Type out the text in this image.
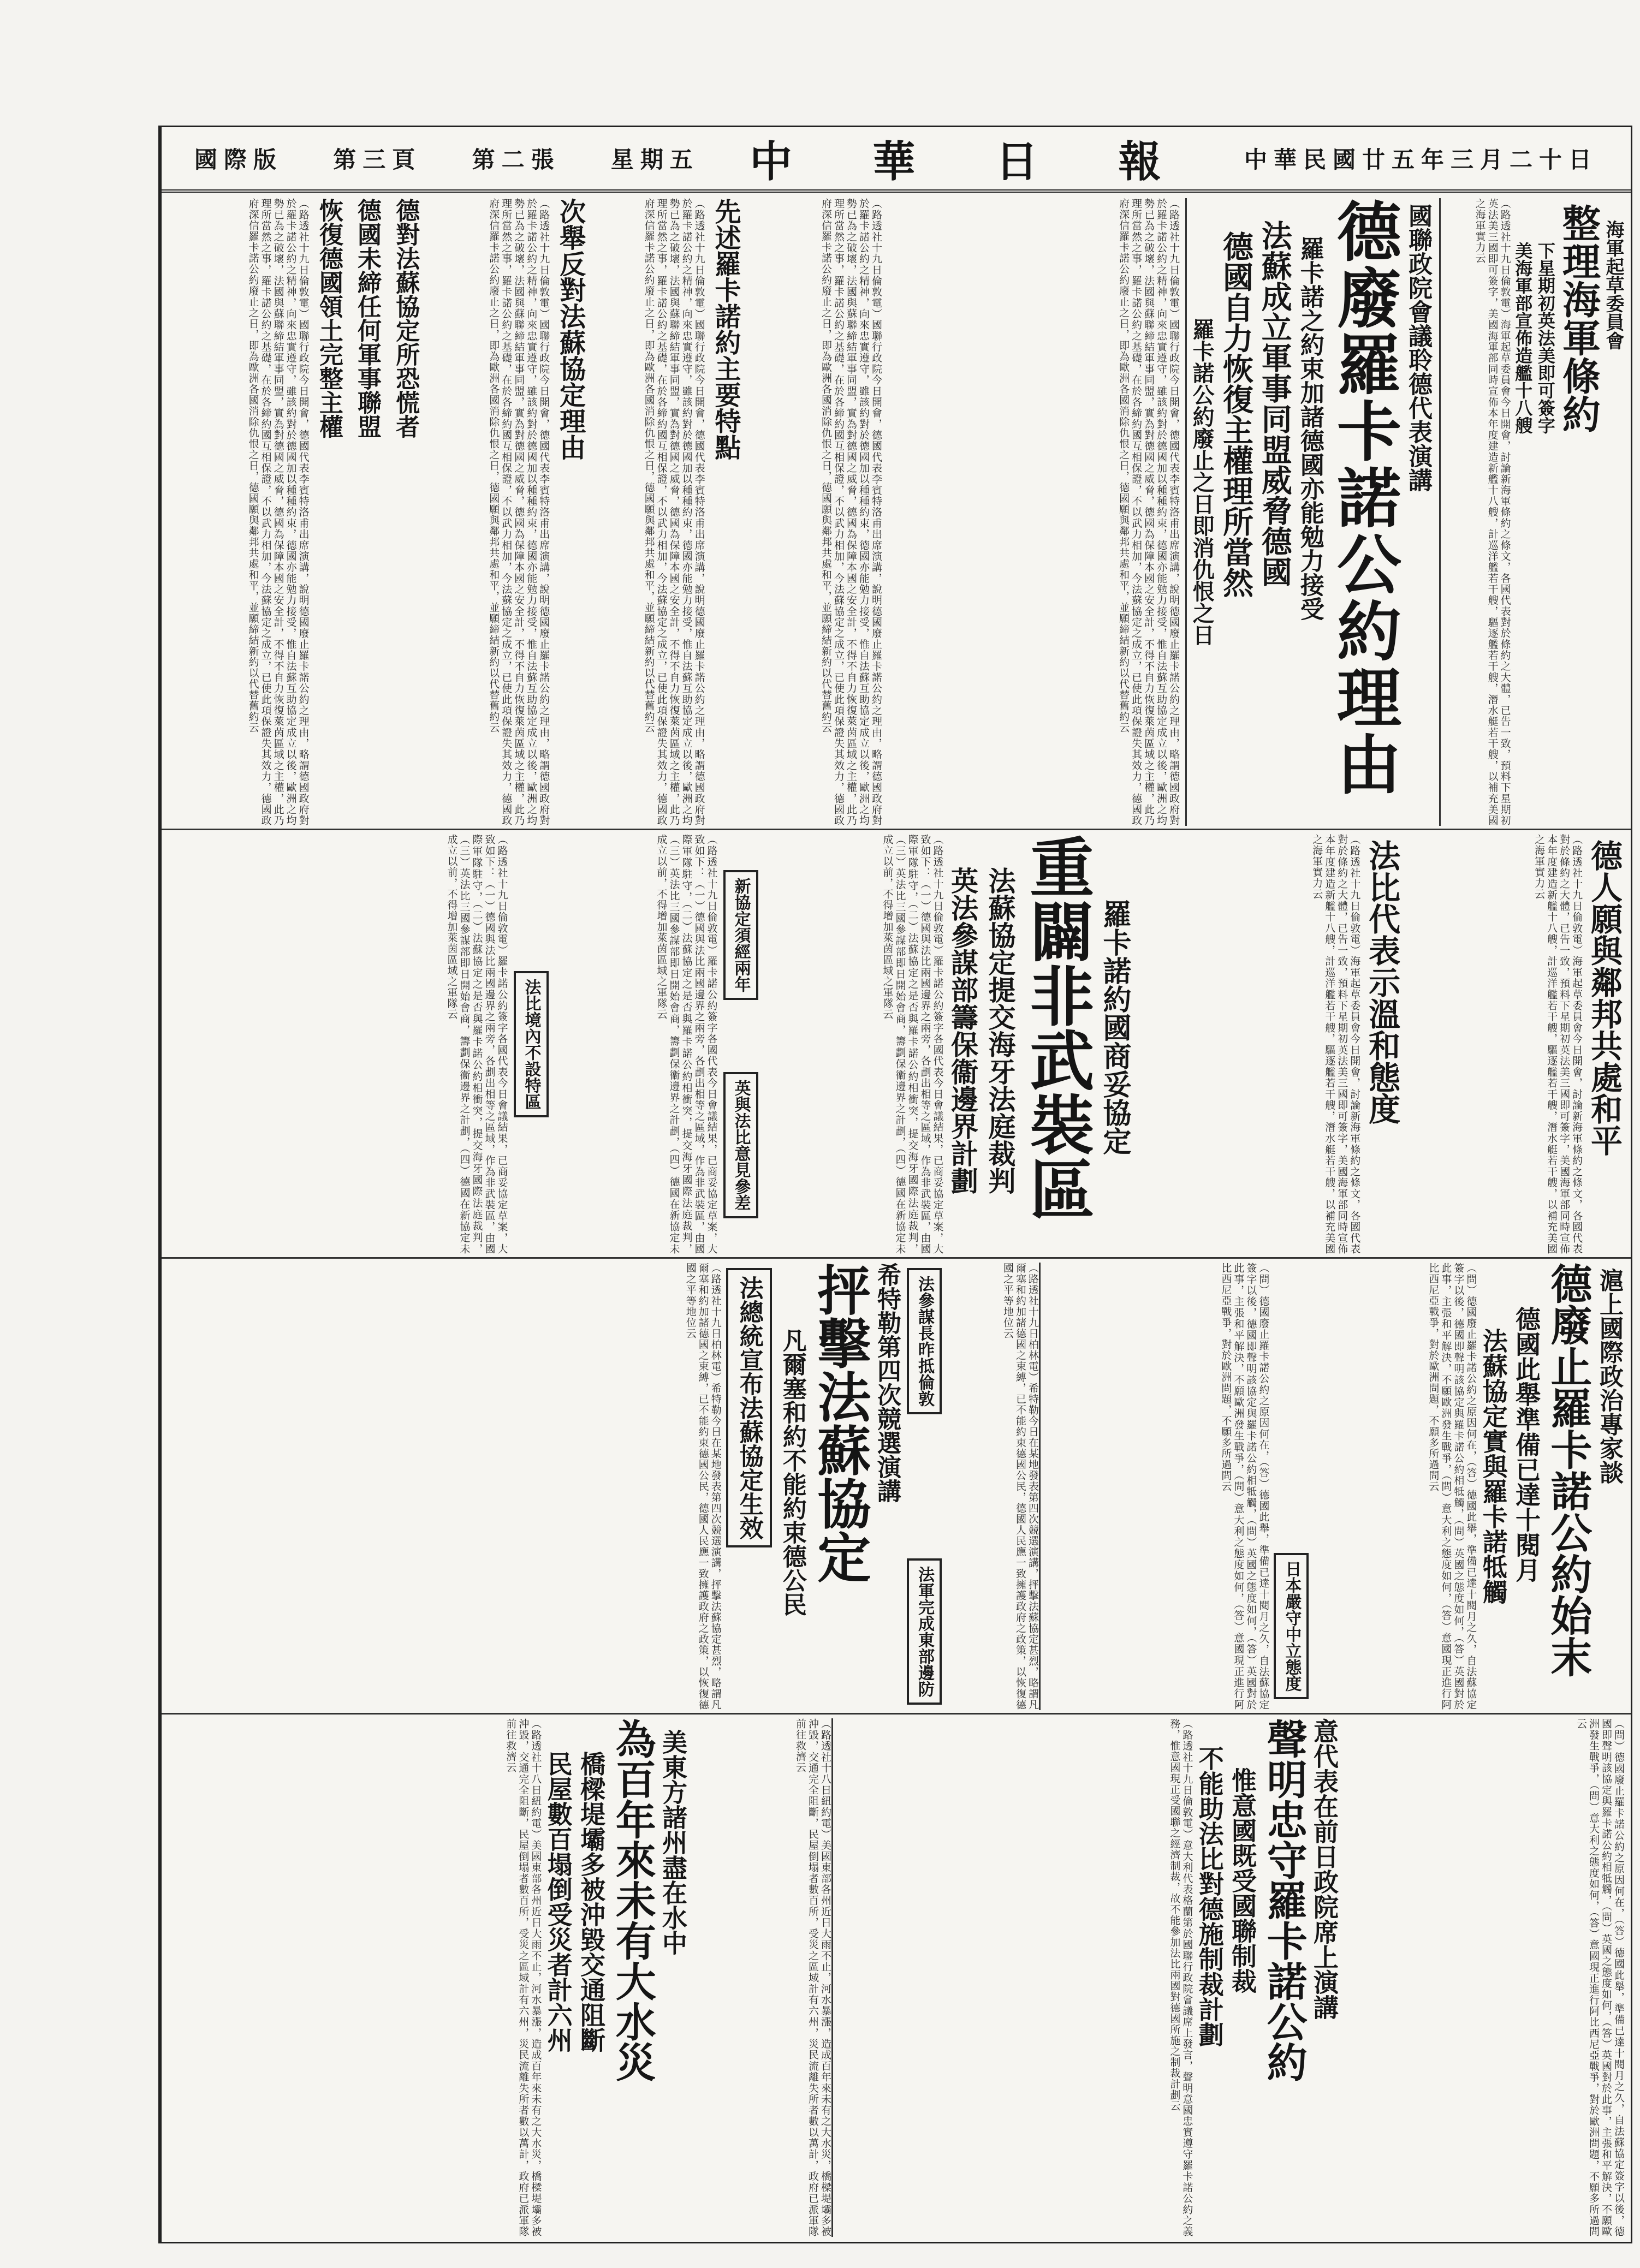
中華民國廿五年三月二十日
中 華 日 報
星期五
第二張
第三頁
國際版
國聯政院會議聆德代表演講
德廢羅卡諾公約理由
羅卡諾之約束加諸德國亦能勉力接受
法蘇成立軍事同盟威脅德國
德國自力恢復主權理所當然
羅卡諾公約廢止之日即消仇恨之日
（路透社十九日倫敦電）國聯行政院今日開會，德國代表李賓特洛甫出席演講，說明德國廢止羅卡諾公約之理由，略謂德國政府對於羅卡諾公約之精神，向來忠實遵守，雖該約對於德國加以種種約束，德國亦能勉力接受，惟自法蘇互助協定成立以後，歐洲之均勢已為之破壞，法國與蘇聯締結軍事同盟，實為對德國之威脅，德國為保障本國之安全計，不得不自力恢復萊茵區域之主權，此乃理所當然之事，羅卡諾公約之基礎，在於各締約國互相保證，不以武力相加，今法蘇協定之成立，已使此項保證失其效力，德國政府深信羅卡諾公約廢止之日，即為歐洲各國消除仇恨之日，德國願與鄰邦共處和平，並願締結新約以代替舊約云
（路透社十九日倫敦電）國聯行政院今日開會，德國代表李賓特洛甫出席演講，說明德國廢止羅卡諾公約之理由，略謂德國政府對於羅卡諾公約之精神，向來忠實遵守，雖該約對於德國加以種種約束，德國亦能勉力接受，惟自法蘇互助協定成立以後，歐洲之均勢已為之破壞，法國與蘇聯締結軍事同盟，實為對德國之威脅，德國為保障本國之安全計，不得不自力恢復萊茵區域之主權，此乃理所當然之事，羅卡諾公約之基礎，在於各締約國互相保證，不以武力相加，今法蘇協定之成立，已使此項保證失其效力，德國政府深信羅卡諾公約廢止之日，即為歐洲各國消除仇恨之日，德國願與鄰邦共處和平，並願締結新約以代替舊約云
先述羅卡諾約主要特點
（路透社十九日倫敦電）國聯行政院今日開會，德國代表李賓特洛甫出席演講，說明德國廢止羅卡諾公約之理由，略謂德國政府對於羅卡諾公約之精神，向來忠實遵守，雖該約對於德國加以種種約束，德國亦能勉力接受，惟自法蘇互助協定成立以後，歐洲之均勢已為之破壞，法國與蘇聯締結軍事同盟，實為對德國之威脅，德國為保障本國之安全計，不得不自力恢復萊茵區域之主權，此乃理所當然之事，羅卡諾公約之基礎，在於各締約國互相保證，不以武力相加，今法蘇協定之成立，已使此項保證失其效力，德國政府深信羅卡諾公約廢止之日，即為歐洲各國消除仇恨之日，德國願與鄰邦共處和平，並願締結新約以代替舊約云
次舉反對法蘇協定理由
（路透社十九日倫敦電）國聯行政院今日開會，德國代表李賓特洛甫出席演講，說明德國廢止羅卡諾公約之理由，略謂德國政府對於羅卡諾公約之精神，向來忠實遵守，雖該約對於德國加以種種約束，德國亦能勉力接受，惟自法蘇互助協定成立以後，歐洲之均勢已為之破壞，法國與蘇聯締結軍事同盟，實為對德國之威脅，德國為保障本國之安全計，不得不自力恢復萊茵區域之主權，此乃理所當然之事，羅卡諾公約之基礎，在於各締約國互相保證，不以武力相加，今法蘇協定之成立，已使此項保證失其效力，德國政府深信羅卡諾公約廢止之日，即為歐洲各國消除仇恨之日，德國願與鄰邦共處和平，並願締結新約以代替舊約云
德對法蘇協定所恐慌者
德國未締任何軍事聯盟
恢復德國領土完整主權
（路透社十九日倫敦電）國聯行政院今日開會，德國代表李賓特洛甫出席演講，說明德國廢止羅卡諾公約之理由，略謂德國政府對於羅卡諾公約之精神，向來忠實遵守，雖該約對於德國加以種種約束，德國亦能勉力接受，惟自法蘇互助協定成立以後，歐洲之均勢已為之破壞，法國與蘇聯締結軍事同盟，實為對德國之威脅，德國為保障本國之安全計，不得不自力恢復萊茵區域之主權，此乃理所當然之事，羅卡諾公約之基礎，在於各締約國互相保證，不以武力相加，今法蘇協定之成立，已使此項保證失其效力，德國政府深信羅卡諾公約廢止之日，即為歐洲各國消除仇恨之日，德國願與鄰邦共處和平，並願締結新約以代替舊約云	海軍起草委員會
整理海軍條約
下星期初英法美即可簽字
美海軍部宣佈造艦十八艘
（路透社十九日倫敦電）海軍起草委員會今日開會，討論新海軍條約之條文，各國代表對於條約之大體，已告一致，預料下星期初英法美三國即可簽字，美國海軍部同時宣佈本年度建造新艦十八艘，計巡洋艦若干艘，驅逐艦若干艘，潛水艇若干艘，以補充美國之海軍實力云
德人願與鄰邦共處和平
（路透社十九日倫敦電）海軍起草委員會今日開會，討論新海軍條約之條文，各國代表對於條約之大體，已告一致，預料下星期初英法美三國即可簽字，美國海軍部同時宣佈本年度建造新艦十八艘，計巡洋艦若干艘，驅逐艦若干艘，潛水艇若干艘，以補充美國之海軍實力云
法比代表示溫和態度
（路透社十九日倫敦電）海軍起草委員會今日開會，討論新海軍條約之條文，各國代表對於條約之大體，已告一致，預料下星期初英法美三國即可簽字，美國海軍部同時宣佈本年度建造新艦十八艘，計巡洋艦若干艘，驅逐艦若干艘，潛水艇若干艘，以補充美國之海軍實力云
羅卡諾約國商妥協定
重闢非武裝區
法蘇協定提交海牙法庭裁判
英法參謀部籌保衞邊界計劃
（路透社十九日倫敦電）羅卡諾公約簽字各國代表今日會議結果，已商妥協定草案，大致如下：（一）德國與法比兩國邊界之兩旁，各劃出相等之區域，作為非武裝區，由國際軍隊駐守，（二）法蘇協定之是否與羅卡諾公約相衝突，提交海牙國際法庭裁判，（三）英法比三國參謀部即日開始會商，籌劃保衞邊界之計劃，（四）德國在新協定未成立以前，不得增加萊茵區域之軍隊云
新協定須經兩年
英與法比意見參差
（路透社十九日倫敦電）羅卡諾公約簽字各國代表今日會議結果，已商妥協定草案，大致如下：（一）德國與法比兩國邊界之兩旁，各劃出相等之區域，作為非武裝區，由國際軍隊駐守，（二）法蘇協定之是否與羅卡諾公約相衝突，提交海牙國際法庭裁判，（三）英法比三國參謀部即日開始會商，籌劃保衞邊界之計劃，（四）德國在新協定未成立以前，不得增加萊茵區域之軍隊云
法比境內不設特區
（路透社十九日倫敦電）羅卡諾公約簽字各國代表今日會議結果，已商妥協定草案，大致如下：（一）德國與法比兩國邊界之兩旁，各劃出相等之區域，作為非武裝區，由國際軍隊駐守，（二）法蘇協定之是否與羅卡諾公約相衝突，提交海牙國際法庭裁判，（三）英法比三國參謀部即日開始會商，籌劃保衞邊界之計劃，（四）德國在新協定未成立以前，不得增加萊茵區域之軍隊云
滬上國際政治專家談
德廢止羅卡諾公約始末
德國此舉準備已達十閱月
法蘇協定實與羅卡諾牴觸
（問）德國廢止羅卡諾公約之原因何在，（答）德國此舉，準備已達十閱月之久，自法蘇協定簽字以後，德國即聲明該協定與羅卡諾公約相牴觸，（問）英國之態度如何，（答）英國對於此事，主張和平解決，不願歐洲發生戰爭，（問）意大利之態度如何，（答）意國現正進行阿比西尼亞戰爭，對於歐洲問題，不願多所過問云
日本嚴守中立態度
（問）德國廢止羅卡諾公約之原因何在，（答）德國此舉，準備已達十閱月之久，自法蘇協定簽字以後，德國即聲明該協定與羅卡諾公約相牴觸，（問）英國之態度如何，（答）英國對於此事，主張和平解決，不願歐洲發生戰爭，（問）意大利之態度如何，（答）意國現正進行阿比西尼亞戰爭，對於歐洲問題，不願多所過問云
（路透社十九日柏林電）希特勒今日在某地發表第四次競選演講，抨擊法蘇協定甚烈，略謂凡爾塞和約加諸德國之束縛，已不能約束德國公民，德國人民應一致擁護政府之政策，以恢復德國之平等地位云
法參謀長昨抵倫敦
法軍完成東部邊防
希特勒第四次競選演講
抨擊法蘇協定
凡爾塞和約不能約束德公民
法總統宣布法蘇協定生效
（路透社十九日柏林電）希特勒今日在某地發表第四次競選演講，抨擊法蘇協定甚烈，略謂凡爾塞和約加諸德國之束縛，已不能約束德國公民，德國人民應一致擁護政府之政策，以恢復德國之平等地位云
（問）德國廢止羅卡諾公約之原因何在，（答）德國此舉，準備已達十閱月之久，自法蘇協定簽字以後，德國即聲明該協定與羅卡諾公約相牴觸，（問）英國之態度如何，（答）英國對於此事，主張和平解決，不願歐洲發生戰爭，（問）意大利之態度如何，（答）意國現正進行阿比西尼亞戰爭，對於歐洲問題，不願多所過問云
意代表在前日政院席上演講
聲明忠守羅卡諾公約
惟意國既受國聯制裁
不能助法比對德施制裁計劃
（路透社十九日倫敦電）意大利代表格蘭第於國聯行政院會議席上發言，聲明意國忠實遵守羅卡諾公約之義務，惟意國現正受國聯之經濟制裁，故不能參加法比兩國對德國所施之制裁計劃云
（路透社十八日紐約電）美國東部各州近日大雨不止，河水暴漲，造成百年來未有之大水災，橋樑堤壩多被沖毀，交通完全阻斷，民屋倒塌者數百所，受災之區域計有六州，災民流離失所者數以萬計，政府已派軍隊前往救濟云
美東方諸州盡在水中
為百年來未有大水災
橋樑堤壩多被沖毀交通阻斷
民屋數百塌倒受災者計六州
（路透社十八日紐約電）美國東部各州近日大雨不止，河水暴漲，造成百年來未有之大水災，橋樑堤壩多被沖毀，交通完全阻斷，民屋倒塌者數百所，受災之區域計有六州，災民流離失所者數以萬計，政府已派軍隊前往救濟云
